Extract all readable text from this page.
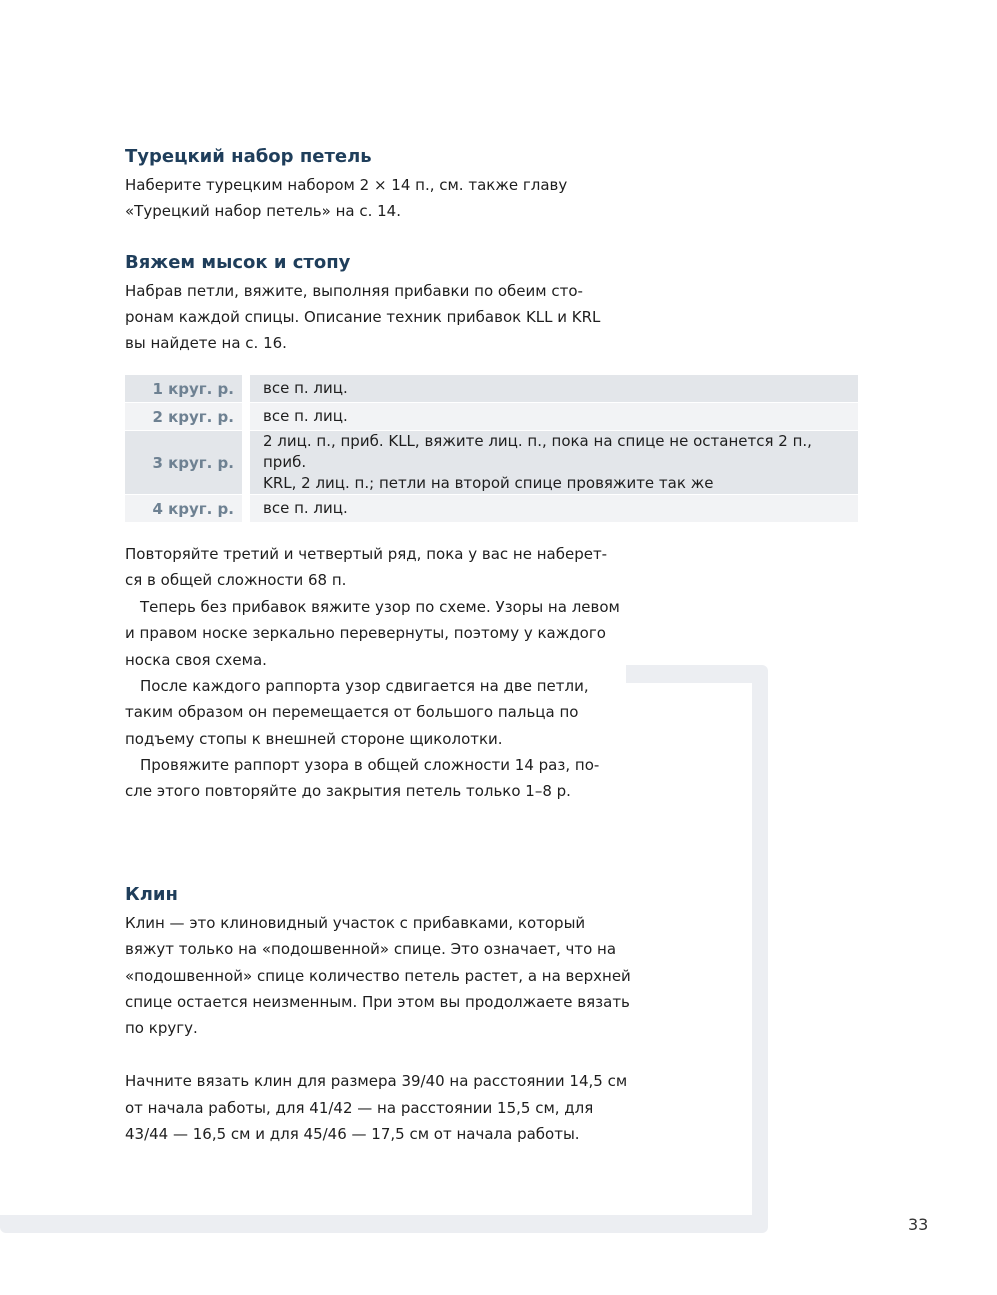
Турецкий набор петель
Наберите турецким набором 2 × 14 п., см. также главу
«Турецкий набор петель» на с. 14.
Вяжем мысок и стопу
Набрав петли, вяжите, выполняя прибавки по обеим сто-
ронам каждой спицы. Описание техник прибавок KLL и KRL
вы найдете на с. 16.
1 круг. р.		все п. лиц.

2 круг. р.		все п. лиц.

3 круг. р.		2 лиц. п., приб. KLL, вяжите лиц. п., пока на спице не останется 2 п., приб.
KRL, 2 лиц. п.; петли на второй спице провяжите так же

4 круг. р.		все п. лиц.
Повторяйте третий и четвертый ряд, пока у вас не наберет-
ся в общей сложности 68 п.
Теперь без прибавок вяжите узор по схеме. Узоры на левом
и правом носке зеркально перевернуты, поэтому у каждого
носка своя схема.
После каждого раппорта узор сдвигается на две петли,
таким образом он перемещается от большого пальца по
подъему стопы к внешней стороне щиколотки.
Провяжите раппорт узора в общей сложности 14 раз, по-
сле этого повторяйте до закрытия петель только 1–8 р.
Клин
Клин — это клиновидный участок с прибавками, который
вяжут только на «подошвенной» спице. Это означает, что на
«подошвенной» спице количество петель растет, а на верхней
спице остается неизменным. При этом вы продолжаете вязать
по кругу.
Начните вязать клин для размера 39/40 на расстоянии 14,5 см
от начала работы, для 41/42 — на расстоянии 15,5 см, для
43/44 — 16,5 см и для 45/46 — 17,5 см от начала работы.
33
